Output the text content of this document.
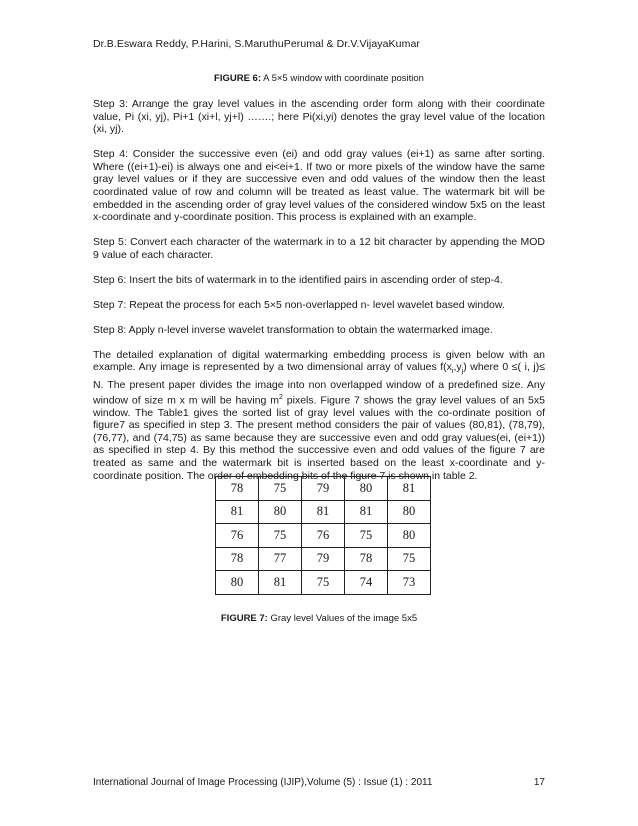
Dr.B.Eswara Reddy, P.Harini, S.MaruthuPerumal & Dr.V.VijayaKumar
FIGURE 6: A 5×5 window with coordinate position

Step 3: Arrange the gray level values in the ascending order form along with their coordinate value, Pi (xi, yj), Pi+1 (xi+l, yj+l) …….; here Pi(xi,yi) denotes the gray level value of the location (xi, yj).

Step 4: Consider the successive even (ei) and odd gray values (ei+1) as same after sorting. Where ((ei+1)-ei) is always one and ei<ei+1. If two or more pixels of the window have the same gray level values or if they are successive even and odd values of the window then the least coordinated value of row and column will be treated as least value. The watermark bit will be embedded in the ascending order of gray level values of the considered window 5x5 on the least x-coordinate and y-coordinate position. This process is explained with an example.

Step 5: Convert each character of the watermark in to a 12 bit character by appending the MOD 9 value of each character.

Step 6: Insert the bits of watermark in to the identified pairs in ascending order of step-4.

Step 7: Repeat the process for each 5×5 non-overlapped n- level wavelet based window.

Step 8: Apply n-level inverse wavelet transformation to obtain the watermarked image.

The detailed explanation of digital watermarking embedding process is given below with an example. Any image is represented by a two dimensional array of values $f(x_i,y_j)$ where 0 ≤( i, j)≤ N. The present paper divides the image into non overlapped window of a predefined size. Any window of size m x m will be having $m^2$ pixels. Figure 7 shows the gray level values of an 5x5 window. The Table1 gives the sorted list of gray level values with the co-ordinate position of figure7 as specified in step 3. The present method considers the pair of values (80,81), (78,79),(76,77), and (74,75) as same because they are successive even and odd gray values(ei, (ei+1)) as specified in step 4. By this method the successive even and odd values of the figure 7 are treated as same and the watermark bit is inserted based on the least x-coordinate and y-coordinate position. The order of embedding bits of the figure 7 is shown in table 2.

78	75	79	80	81
81	80	81	81	80
76	75	76	75	80
78	77	79	78	75
80	81	75	74	73
FIGURE 7: Gray level Values of the image 5x5
International Journal of Image Processing (IJIP),Volume (5) : Issue (1) : 2011	17
